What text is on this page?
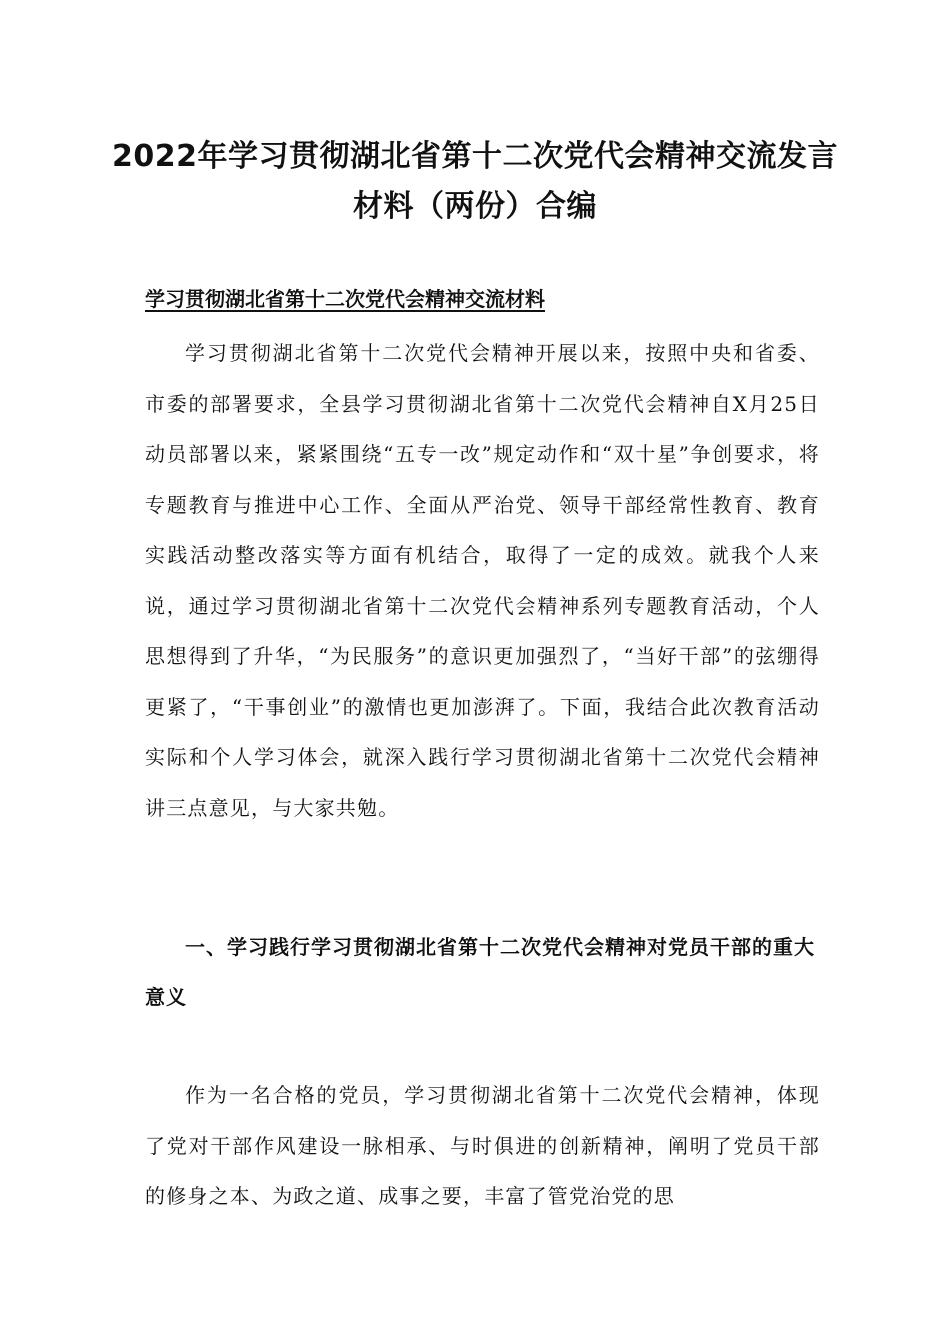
2022年学习贯彻湖北省第十二次党代会精神交流发言材料（两份）合编
学习贯彻湖北省第十二次党代会精神交流材料

学习贯彻湖北省第十二次党代会精神开展以来，按照中央和省委、市委的部署要求，全县学习贯彻湖北省第十二次党代会精神自X月25日动员部署以来，紧紧围绕“五专一改”规定动作和“双十星”争创要求，将专题教育与推进中心工作、全面从严治党、领导干部经常性教育、教育实践活动整改落实等方面有机结合，取得了一定的成效。就我个人来说，通过学习贯彻湖北省第十二次党代会精神系列专题教育活动，个人思想得到了升华，“为民服务”的意识更加强烈了，“当好干部”的弦绷得更紧了，“干事创业”的激情也更加澎湃了。下面，我结合此次教育活动实际和个人学习体会，就深入践行学习贯彻湖北省第十二次党代会精神讲三点意见，与大家共勉。

一、学习践行学习贯彻湖北省第十二次党代会精神对党员干部的重大意义

作为一名合格的党员，学习贯彻湖北省第十二次党代会精神，体现了党对干部作风建设一脉相承、与时俱进的创新精神，阐明了党员干部的修身之本、为政之道、成事之要，丰富了管党治党的思
